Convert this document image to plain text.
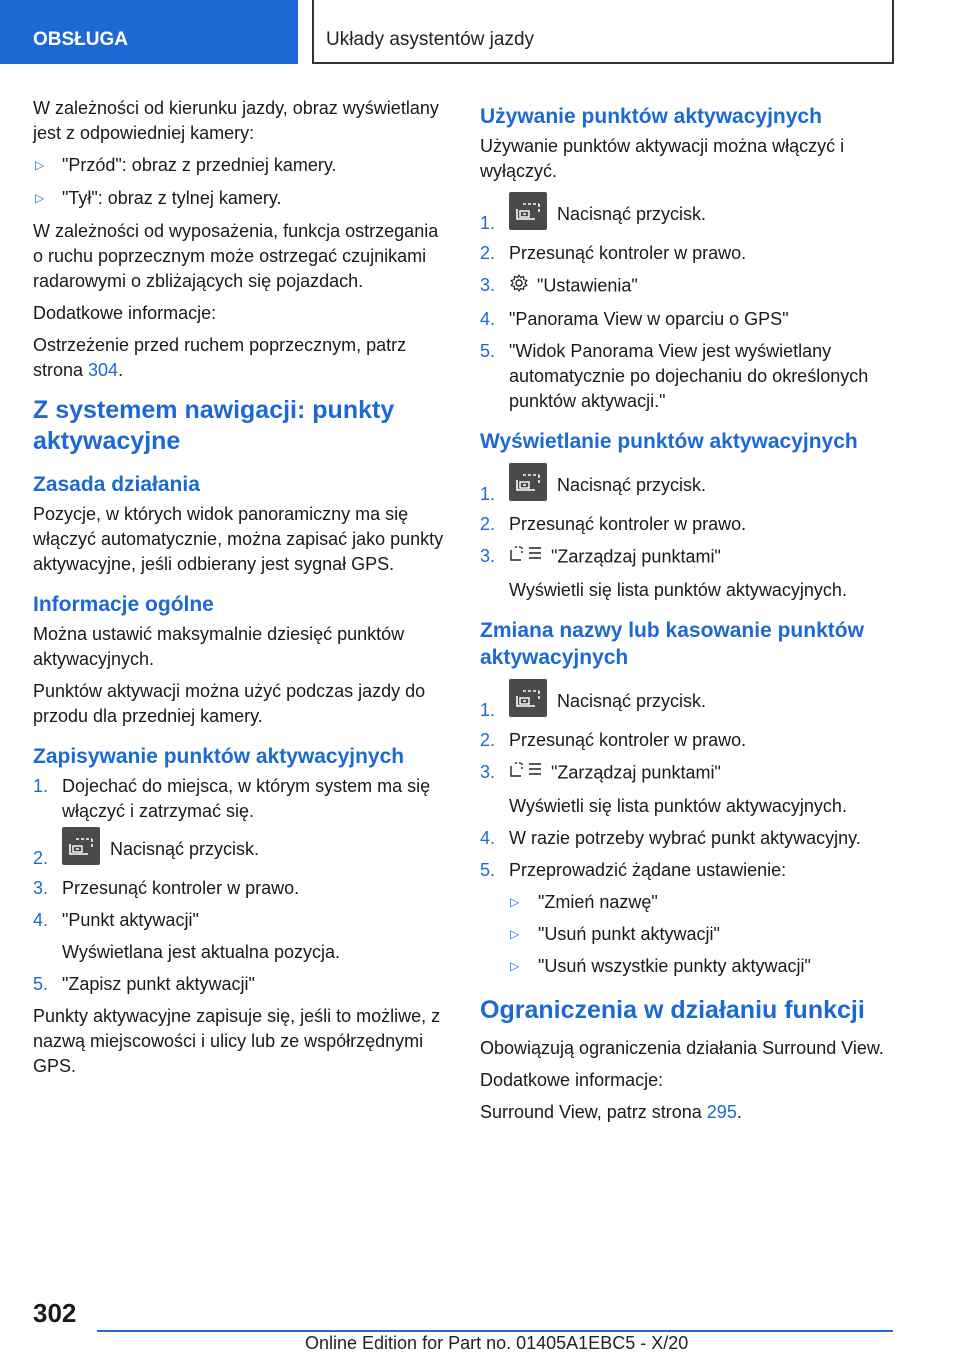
OBSŁUGA	Układy asystentów jazdy

W zależności od kierunku jazdy, obraz wyświetlany jest z odpowiedniej kamery:

▷ "Przód": obraz z przedniej kamery.
▷ "Tył": obraz z tylnej kamery.

W zależności od wyposażenia, funkcja ostrzegania o ruchu poprzecznym może ostrzegać czujnikami radarowymi o zbliżających się pojazdach.

Dodatkowe informacje:

Ostrzeżenie przed ruchem poprzecznym, patrz strona 304.

Z systemem nawigacji: punkty aktywacyjne
Zasada działania

Pozycje, w których widok panoramiczny ma się włączyć automatycznie, można zapisać jako punkty aktywacyjne, jeśli odbierany jest sygnał GPS.

Informacje ogólne

Można ustawić maksymalnie dziesięć punktów aktywacyjnych.

Punktów aktywacji można użyć podczas jazdy do przodu dla przedniej kamery.

Zapisywanie punktów aktywacyjnych
1. Dojechać do miejsca, w którym system ma się włączyć i zatrzymać się.
2.	Nacisnąć przycisk.
3. Przesunąć kontroler w prawo.
4. "Punkt aktywacji"

Wyświetlana jest aktualna pozycja.

5. "Zapisz punkt aktywacji"

Punkty aktywacyjne zapisuje się, jeśli to możliwe, z nazwą miejscowości i ulicy lub ze współrzędnymi GPS.

Używanie punktów aktywacyjnych

Używanie punktów aktywacji można włączyć i wyłączyć.

1.	Nacisnąć przycisk.
2. Przesunąć kontroler w prawo.
3. "Ustawienia"
4. "Panorama View w oparciu o GPS"
5. "Widok Panorama View jest wyświetlany automatycznie po dojechaniu do określonych punktów aktywacji."
Wyświetlanie punktów aktywacyjnych
1.	Nacisnąć przycisk.
2. Przesunąć kontroler w prawo.
3.	"Zarządzaj punktami"

Wyświetli się lista punktów aktywacyjnych.

Zmiana nazwy lub kasowanie punktów aktywacyjnych
1.	Nacisnąć przycisk.
2. Przesunąć kontroler w prawo.
3.	"Zarządzaj punktami"

Wyświetli się lista punktów aktywacyjnych.

4. W razie potrzeby wybrać punkt aktywacyjny.
5. Przeprowadzić żądane ustawienie:
▷ "Zmień nazwę"
▷ "Usuń punkt aktywacji"
▷ "Usuń wszystkie punkty aktywacji"
Ograniczenia w działaniu funkcji

Obowiązują ograniczenia działania Surround View.

Dodatkowe informacje:

Surround View, patrz strona 295.

302
Online Edition for Part no. 01405A1EBC5 - X/20
